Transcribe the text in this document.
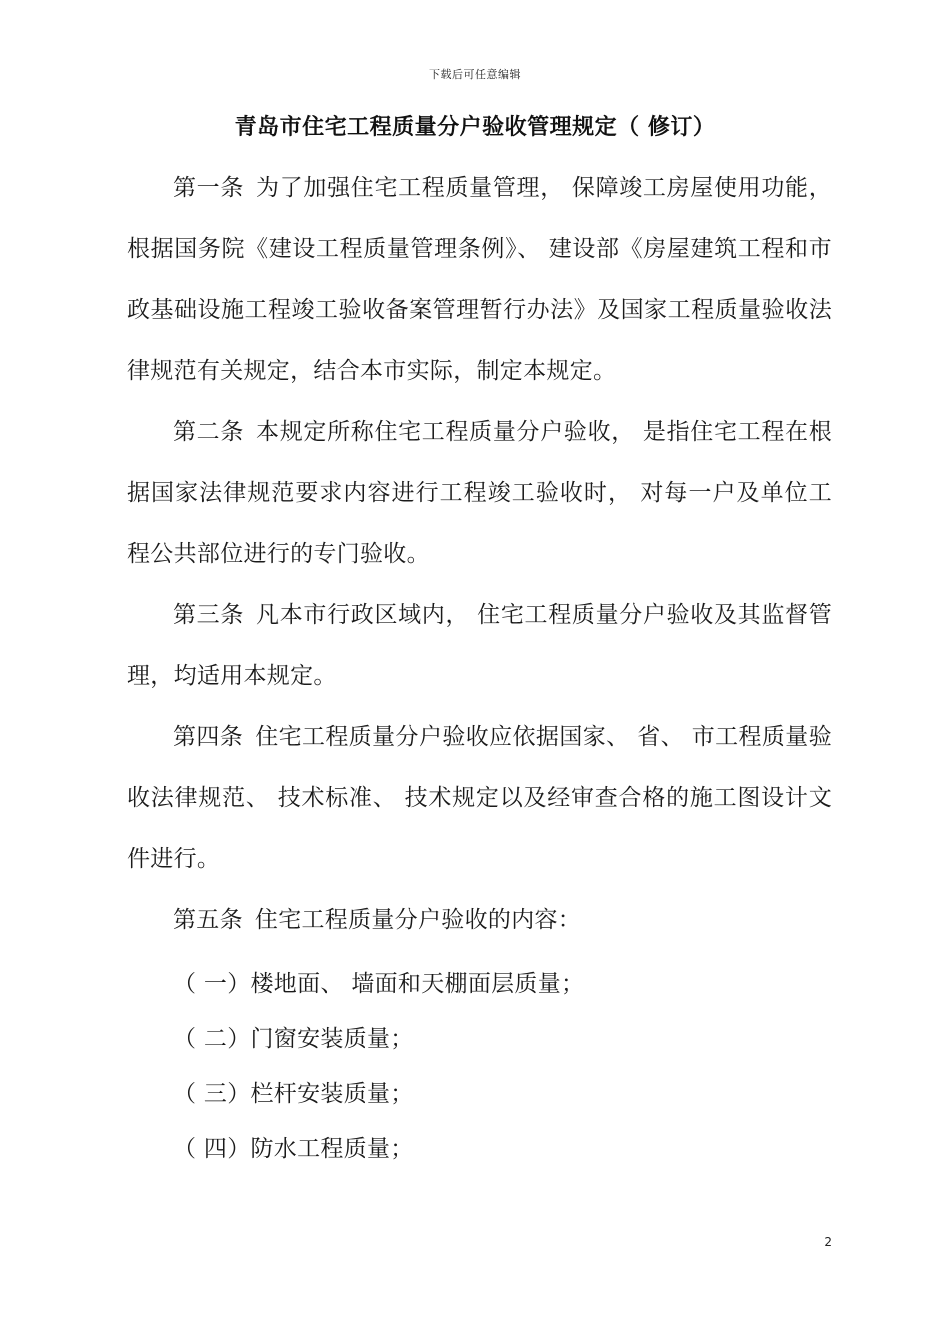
下载后可任意编辑
青岛市住宅工程质量分户验收管理规定（ 修订）

第一条 为了加强住宅工程质量管理， 保障竣工房屋使用功能， 根据国务院《建设工程质量管理条例》、 建设部《房屋建筑工程和市政基础设施工程竣工验收备案管理暂行办法》及国家工程质量验收法律规范有关规定，结合本市实际，制定本规定。

第二条 本规定所称住宅工程质量分户验收， 是指住宅工程在根据国家法律规范要求内容进行工程竣工验收时， 对每一户及单位工程公共部位进行的专门验收。

第三条 凡本市行政区域内， 住宅工程质量分户验收及其监督管理，均适用本规定。

第四条 住宅工程质量分户验收应依据国家、 省、 市工程质量验收法律规范、 技术标准、 技术规定以及经审查合格的施工图设计文件进行。

第五条 住宅工程质量分户验收的内容：

（ 一）楼地面、 墙面和天棚面层质量；
（ 二）门窗安装质量；
（ 三）栏杆安装质量；
（ 四）防水工程质量；
2
